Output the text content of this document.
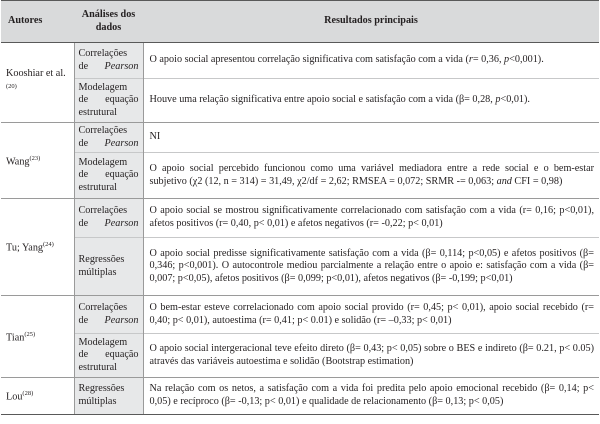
Autores	Análises dos dados	Resultados principais
Kooshiar et al.$^{(20)}$	Correlações de Pearson	O apoio social apresentou correlação significativa com satisfação com a vida (r= 0,36, p<0,001).
	Modelagem de equação estrutural	Houve uma relação significativa entre apoio social e satisfação com a vida (β= 0,28, p<0,01).
Wang$^{(23)}$	Correlações de Pearson	NI
	Modelagem de equação estrutural	O apoio social percebido funcionou como uma variável mediadora entre a rede social e o bem-estar subjetivo (χ2 (12, n = 314) = 31,49, χ2/df = 2,62; RMSEA = 0,072; SRMR -= 0,063; and CFI = 0,98)
Tu; Yang$^{(24)}$	Correlações de Pearson	O apoio social se mostrou significativamente correlacionado com satisfação com a vida (r= 0,16; p<0,01), afetos positivos (r= 0,40, p< 0,01) e afetos negativos (r= -0,22; p< 0,01)
	Regressões múltiplas	O apoio social predisse significativamente satisfação com a vida (β= 0,114; p<0,05) e afetos positivos (β= 0,346; p<0,001). O autocontrole mediou parcialmente a relação entre o apoio e: satisfação com a vida (β= 0,007; p<0,05), afetos positivos (β= 0,099; p<0,01), afetos negativos (β= -0,199; p<0,01)
Tian$^{(25)}$	Correlações de Pearson	O bem-estar esteve correlacionado com apoio social provido (r= 0,45; p< 0,01), apoio social recebido (r= 0,40; p< 0,01), autoestima (r= 0,41; p< 0.01) e solidão (r= –0,33; p< 0,01)
	Modelagem de equação estrutural	O apoio social intergeracional teve efeito direto (β= 0,43; p< 0,05) sobre o BES e indireto (β= 0.21, p< 0.05) através das variáveis autoestima e solidão (Bootstrap estimation)
Lou$^{(28)}$	Regressões múltiplas	Na relação com os netos, a satisfação com a vida foi predita pelo apoio emocional recebido (β= 0,14; p< 0,05) e recíproco (β= -0,13; p< 0,01) e qualidade de relacionamento (β= 0,13; p< 0,05)
